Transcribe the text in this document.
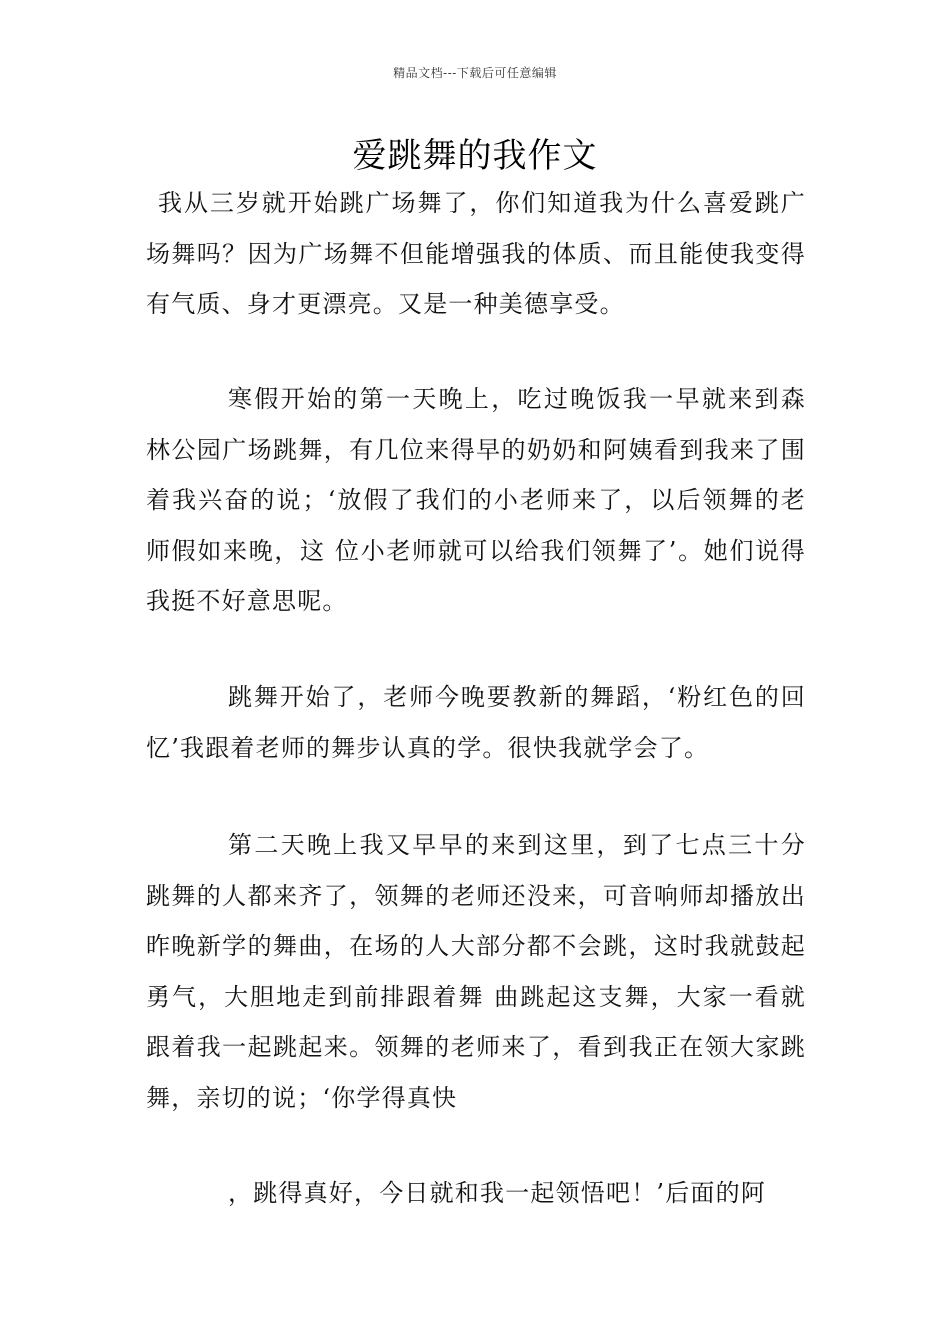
精品文档---下载后可任意编辑
爱跳舞的我作文

我从三岁就开始跳广场舞了，你们知道我为什么喜爱跳广场舞吗？因为广场舞不但能增强我的体质、而且能使我变得有气质、身才更漂亮。又是一种美德享受。

寒假开始的第一天晚上，吃过晚饭我一早就来到森林公园广场跳舞，有几位来得早的奶奶和阿姨看到我来了围着我兴奋的说；‘放假了我们的小老师来了，以后领舞的老师假如来晚，这 位小老师就可以给我们领舞了’。她们说得我挺不好意思呢。

跳舞开始了，老师今晚要教新的舞蹈，‘粉红色的回忆’我跟着老师的舞步认真的学。很快我就学会了。

第二天晚上我又早早的来到这里，到了七点三十分跳舞的人都来齐了，领舞的老师还没来，可音响师却播放出昨晚新学的舞曲，在场的人大部分都不会跳，这时我就鼓起勇气，大胆地走到前排跟着舞 曲跳起这支舞，大家一看就跟着我一起跳起来。领舞的老师来了，看到我正在领大家跳舞，亲切的说；‘你学得真快

，跳得真好，今日就和我一起领悟吧！’后面的阿
